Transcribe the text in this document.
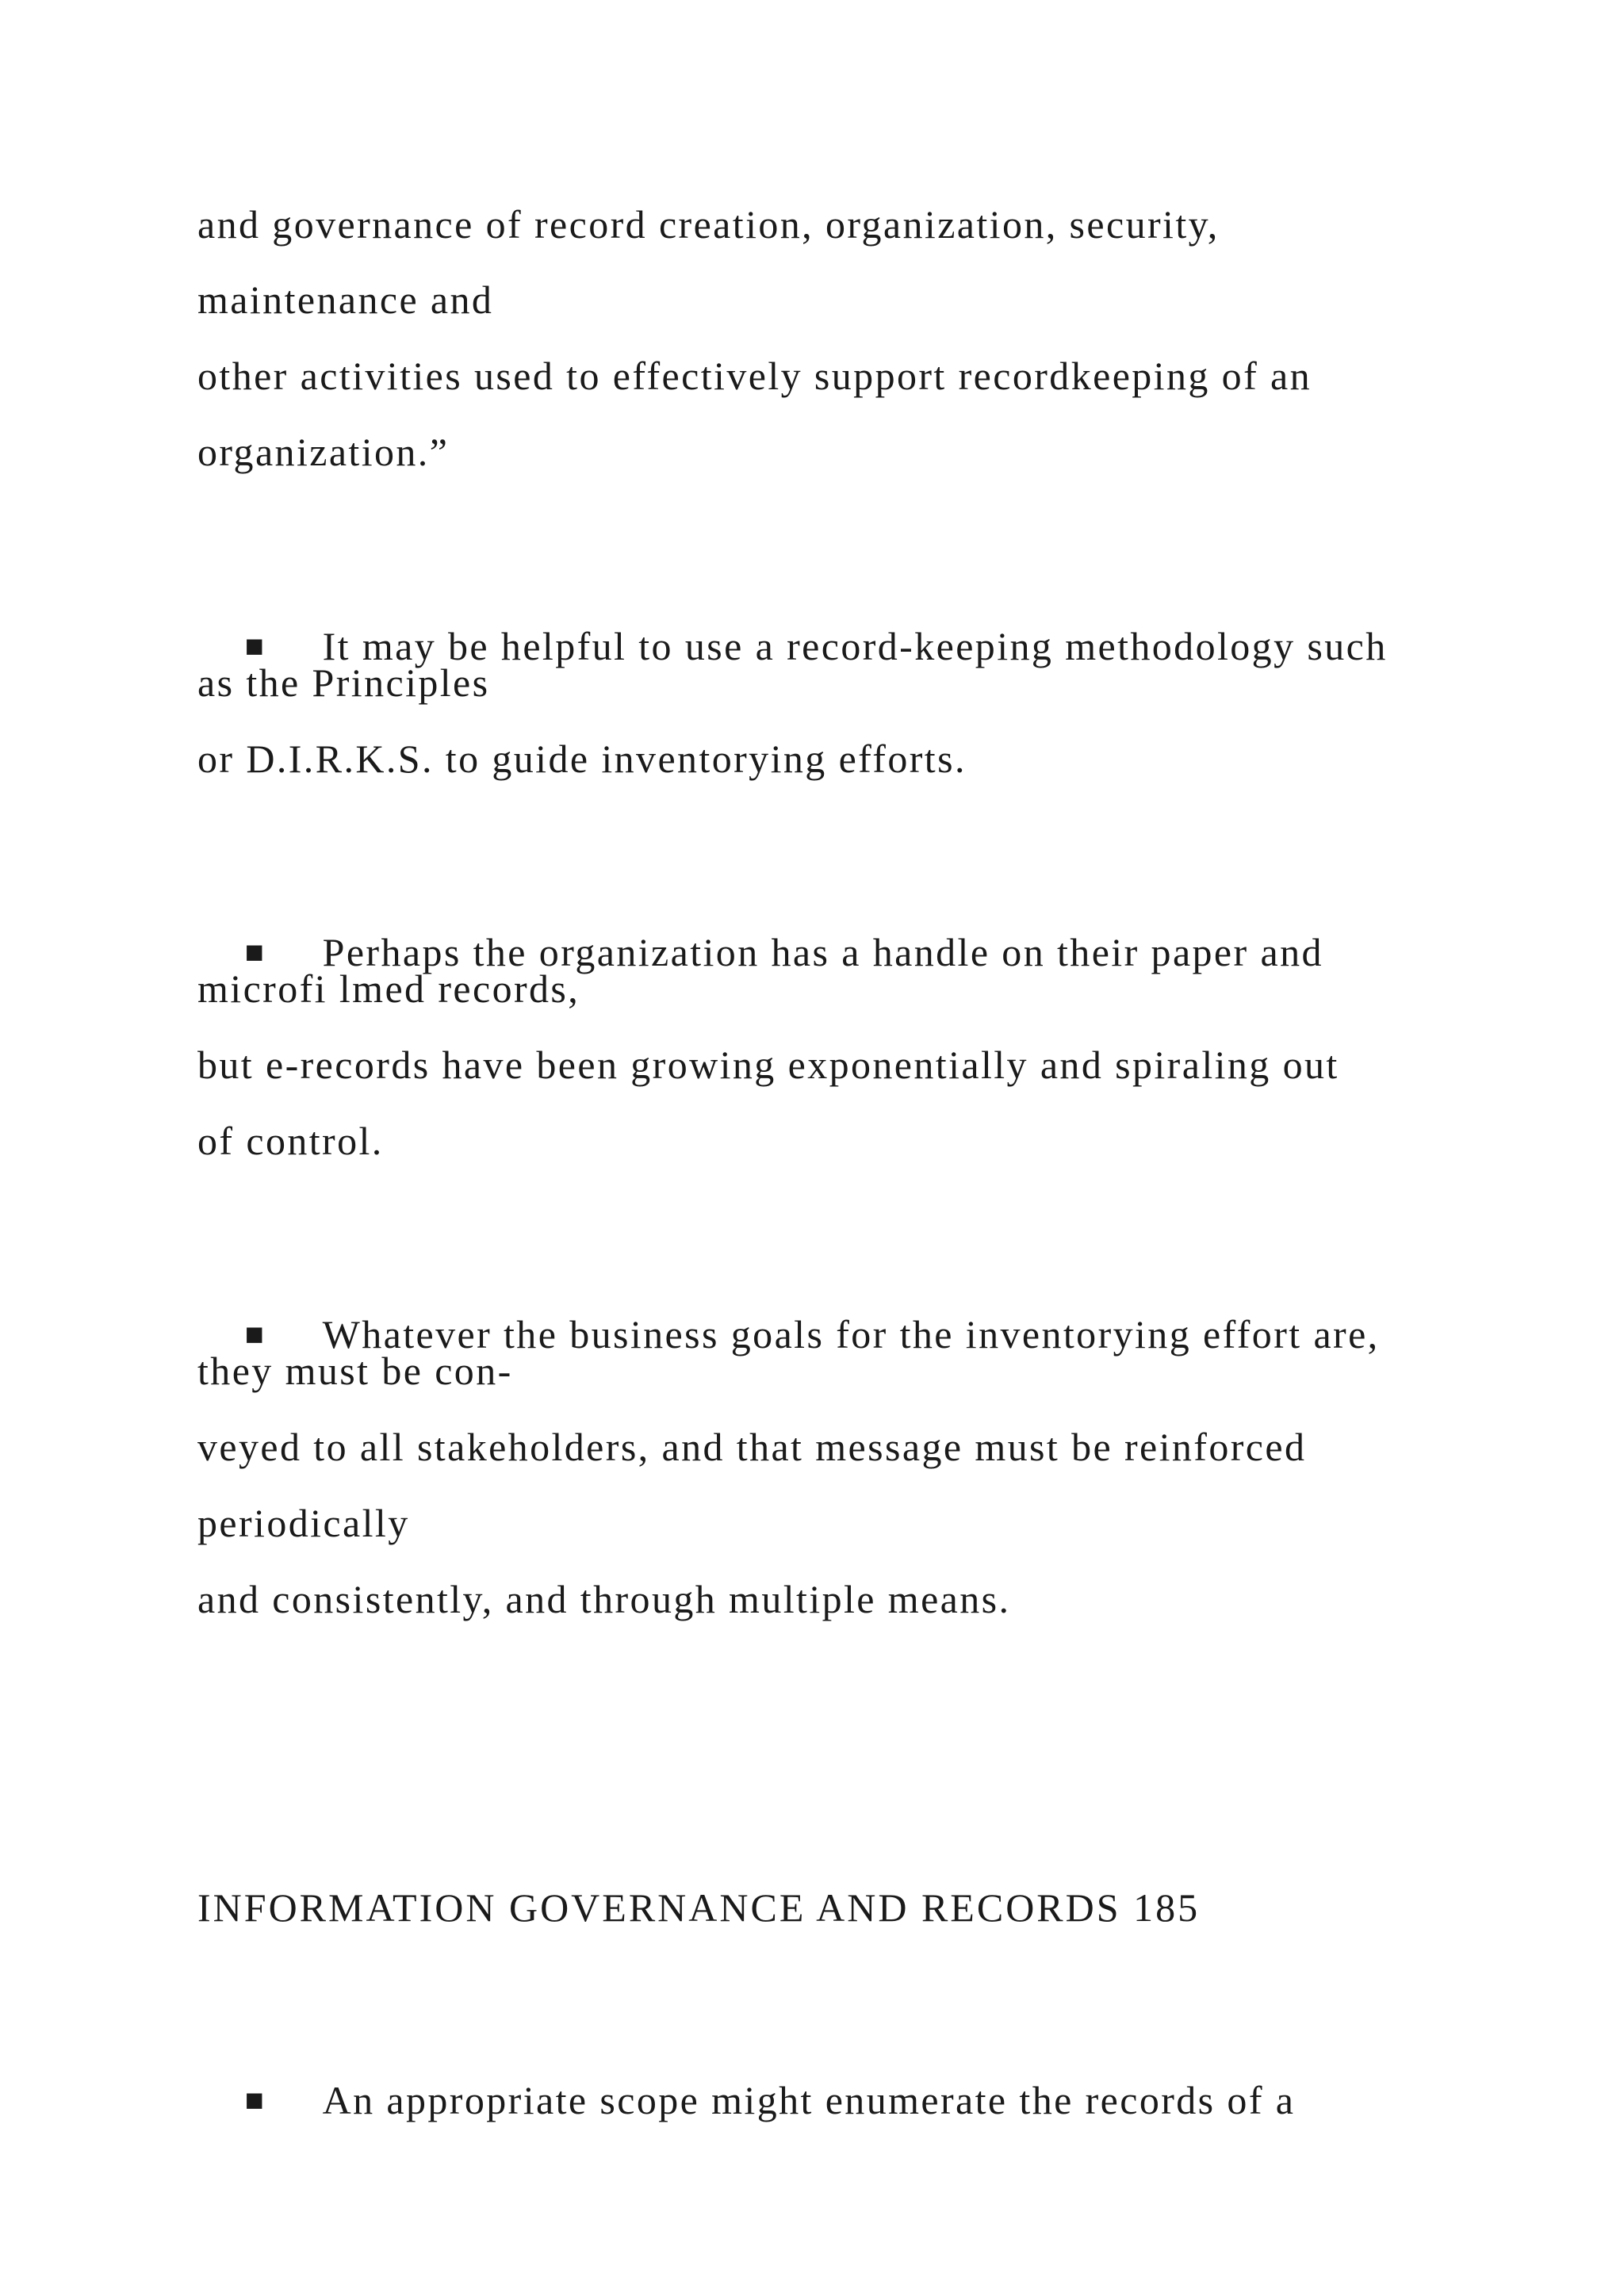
and governance of record creation, organization, security,
maintenance and
other activities used to effectively support recordkeeping of an
organization.”

■ It may be helpful to use a record-keeping methodology such

as the Principles
or D.I.R.K.S. to guide inventorying efforts.

■ Perhaps the organization has a handle on their paper and

microfi lmed records,
but e-records have been growing exponentially and spiraling out
of control.

■ Whatever the business goals for the inventorying effort are,

they must be con-
veyed to all stakeholders, and that message must be reinforced
periodically
and consistently, and through multiple means.
INFORMATION GOVERNANCE AND RECORDS 185

■ An appropriate scope might enumerate the records of a
